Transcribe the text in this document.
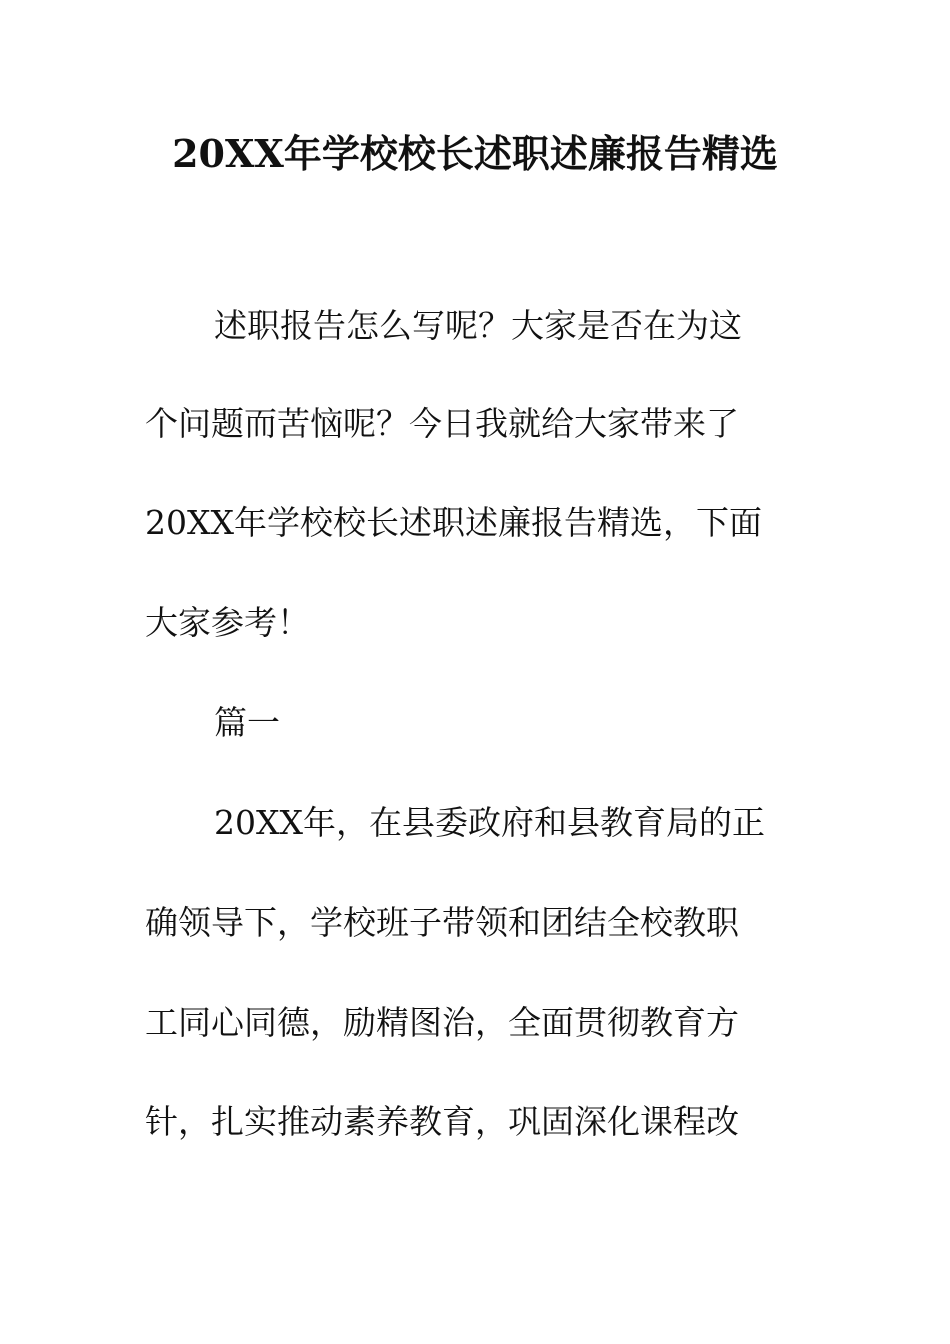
20XX年学校校长述职述廉报告精选
述职报告怎么写呢？大家是否在为这
个问题而苦恼呢？今日我就给大家带来了
20XX年学校校长述职述廉报告精选，下面
大家参考！
篇一
20XX年，在县委政府和县教育局的正
确领导下，学校班子带领和团结全校教职
工同心同德，励精图治，全面贯彻教育方
针，扎实推动素养教育，巩固深化课程改
